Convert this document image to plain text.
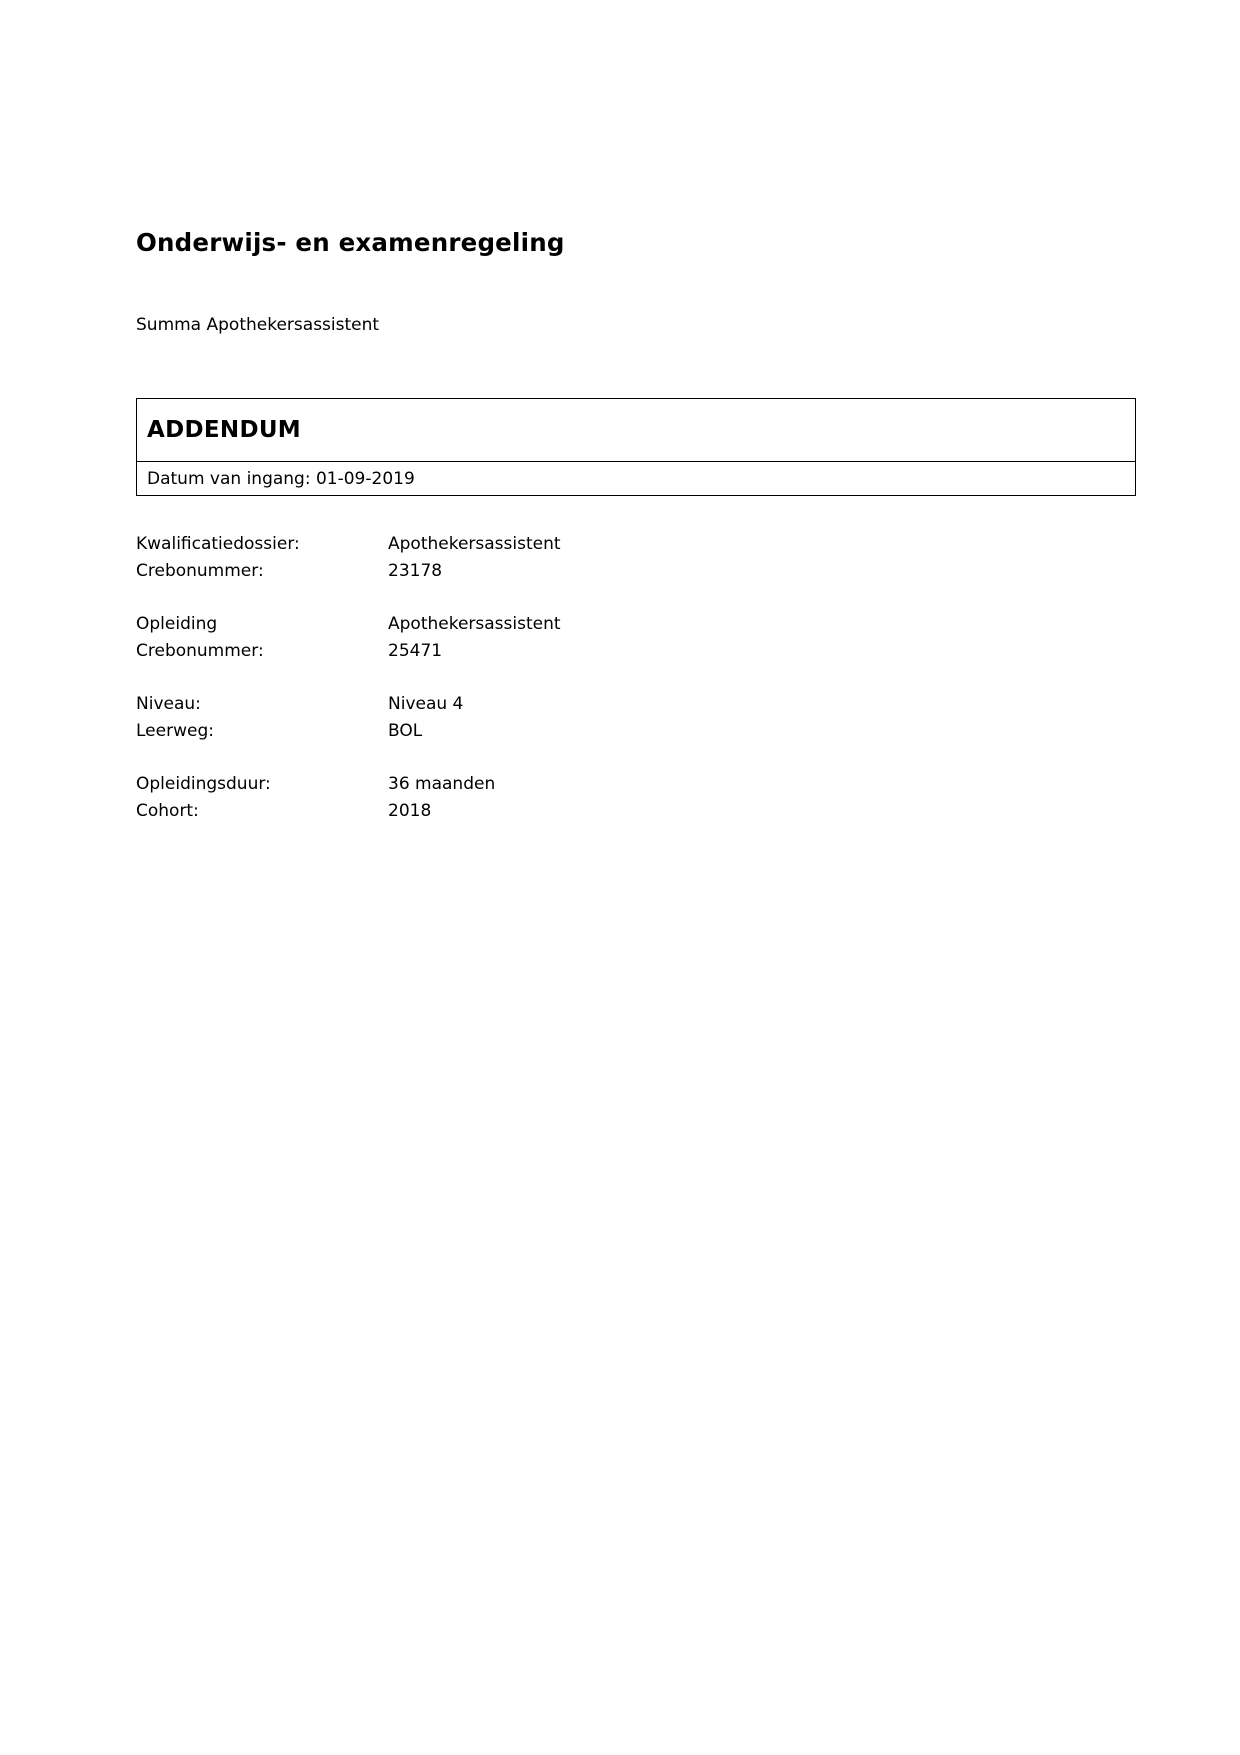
Onderwijs- en examenregeling
Summa Apothekersassistent
ADDENDUM
Datum van ingang: 01-09-2019
Kwalificatiedossier:	Apothekersassistent
Crebonummer:	23178
Opleiding	Apothekersassistent
Crebonummer:	25471
Niveau:	Niveau 4
Leerweg:	BOL
Opleidingsduur:	36 maanden
Cohort:	2018
